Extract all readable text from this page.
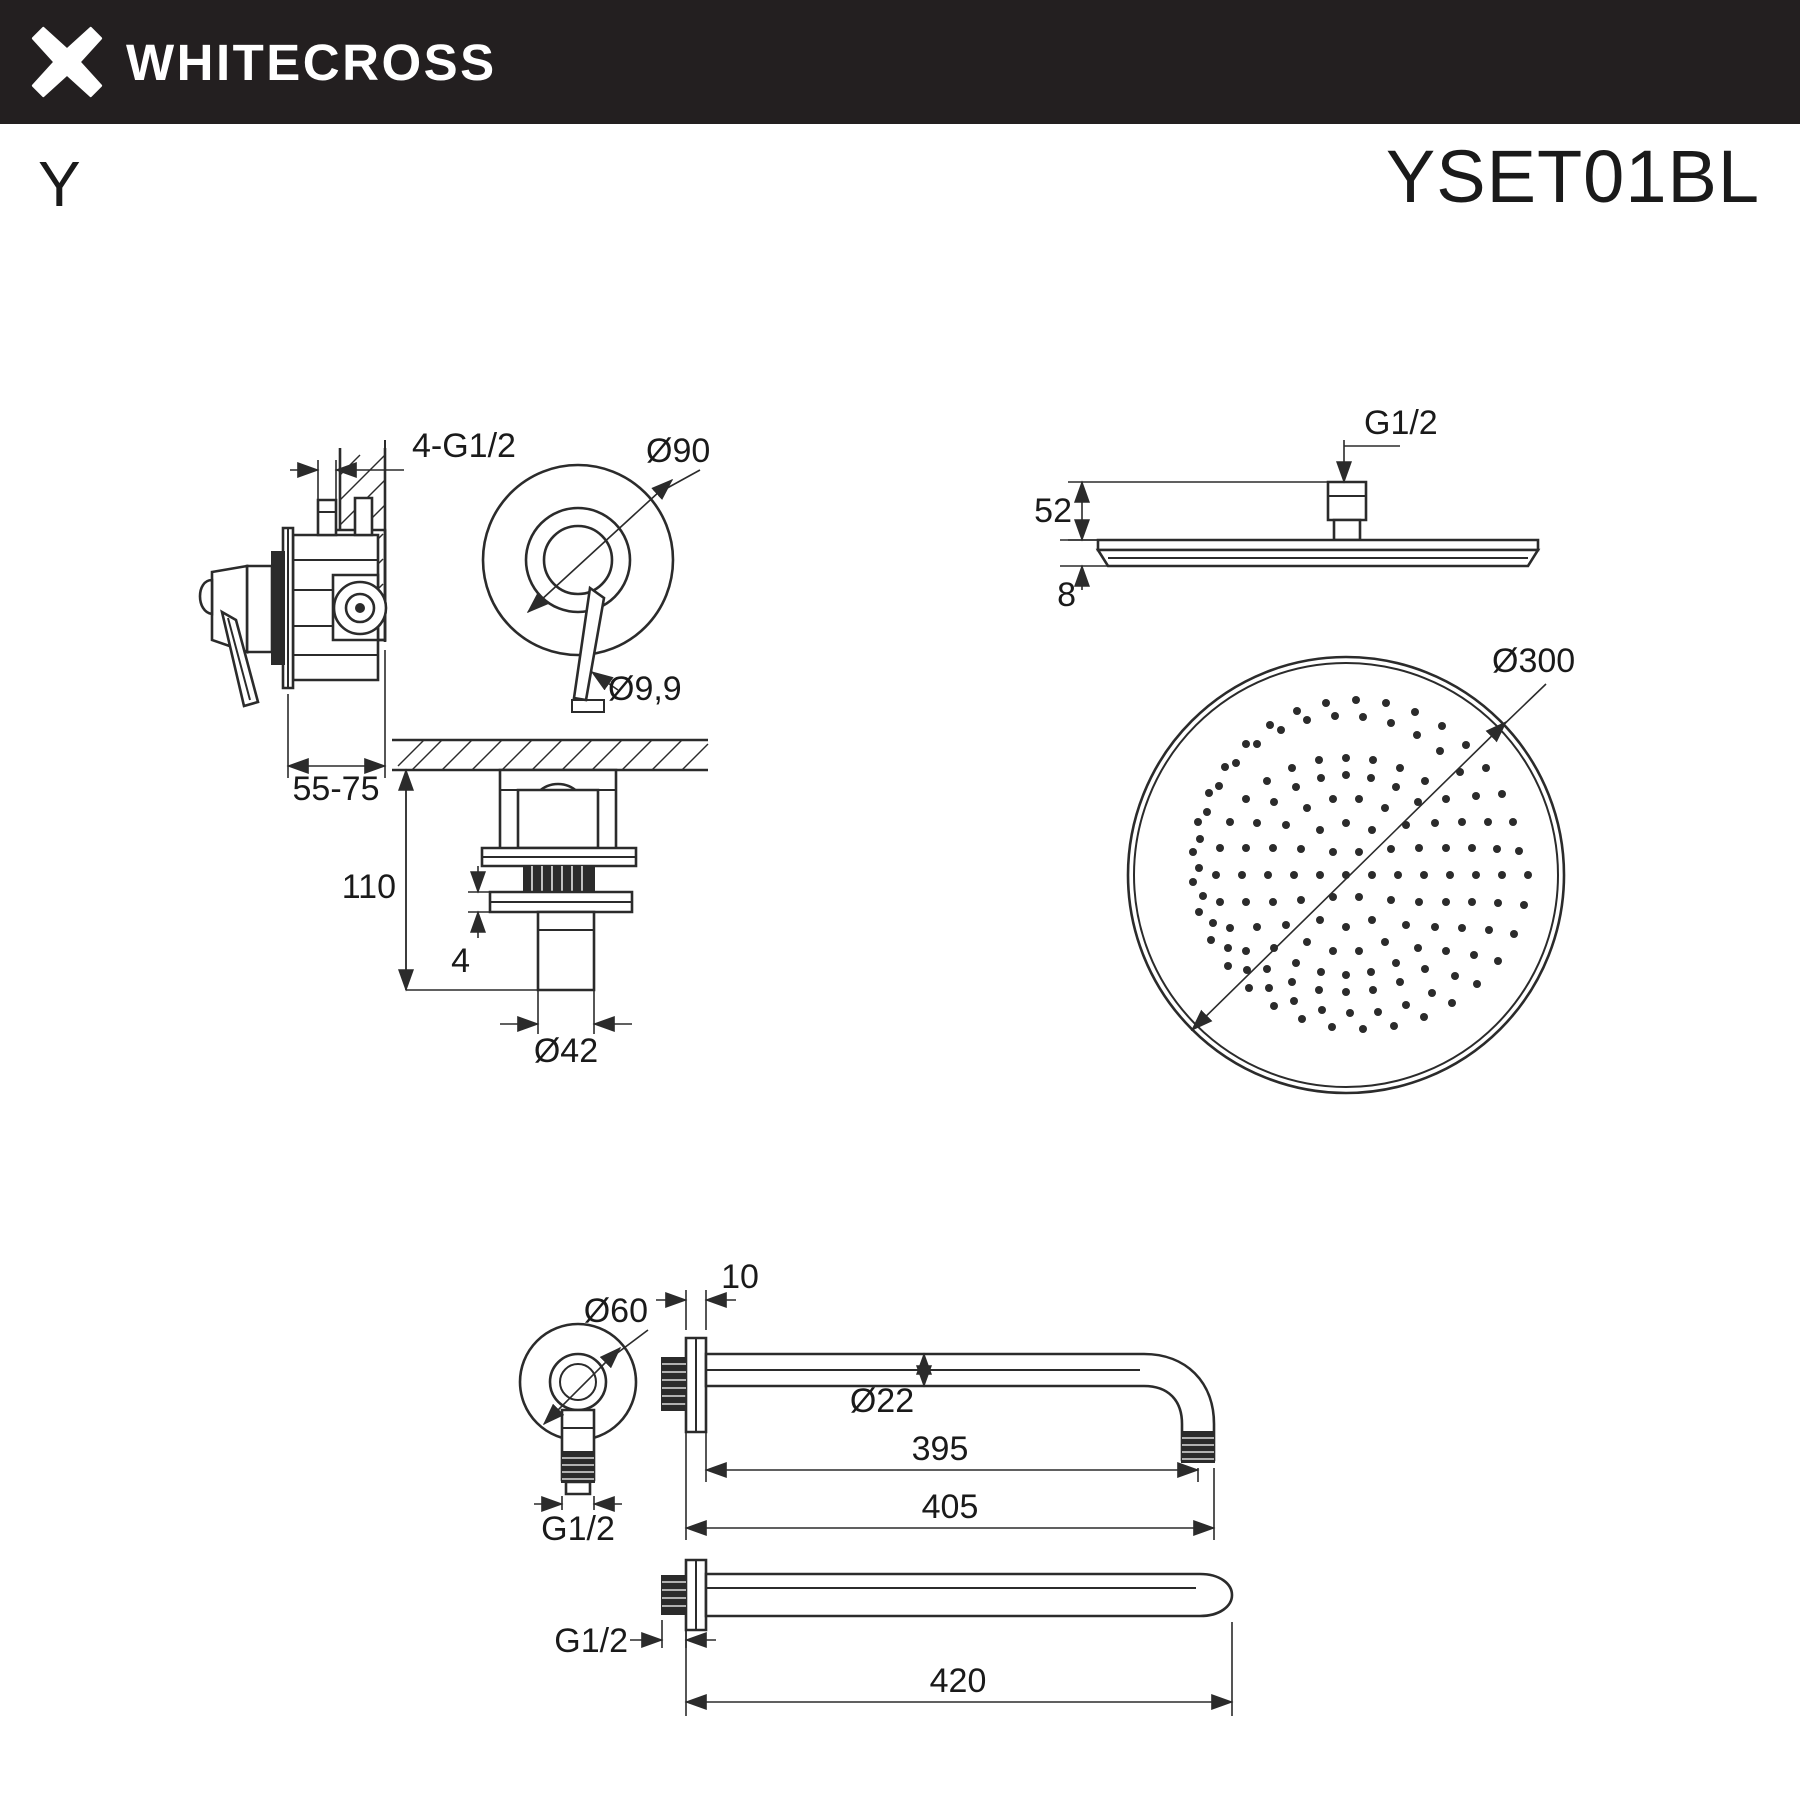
WHITECROSS
Y	YSET01BL
4-G1/2
55-75
Ø90
Ø9,9
110
4
Ø42
G1/2
52
8
Ø300
Ø60
G1/2
10
Ø22
395
405
G1/2
420
